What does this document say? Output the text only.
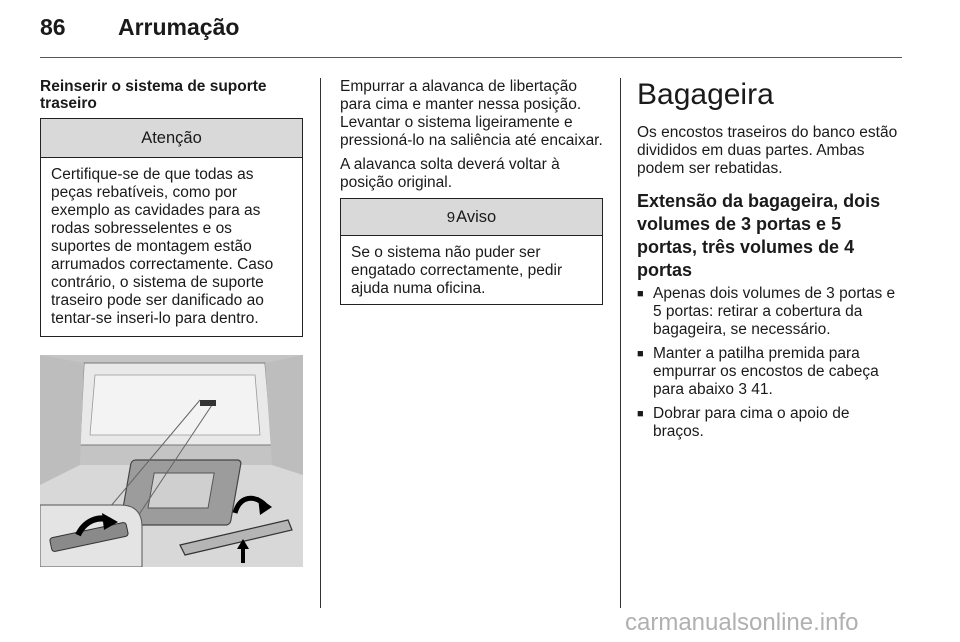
86 Arrumação
Reinserir o sistema de suporte traseiro
Atenção
Certifique-se de que todas as peças rebatíveis, como por exemplo as cavidades para as rodas sobresselentes e os suportes de montagem estão arrumados correctamente. Caso contrário, o sistema de suporte traseiro pode ser danificado ao tentar-se inseri-lo para dentro.

Empurrar a alavanca de libertação para cima e manter nessa posição. Levantar o sistema ligeiramente e pressioná-lo na saliência até encaixar.

A alavanca solta deverá voltar à posição original.

9Aviso
Se o sistema não puder ser engatado correctamente, pedir ajuda numa oficina.
Bagageira

Os encostos traseiros do banco estão divididos em duas partes. Ambas podem ser rebatidas.

Extensão da bagageira, dois volumes de 3 portas e 5 portas, três volumes de 4 portas
■ Apenas dois volumes de 3 portas e 5 portas: retirar a cobertura da bagageira, se necessário.
■ Manter a patilha premida para empurrar os encostos de cabeça para abaixo 3 41.
■ Dobrar para cima o apoio de braços.
carmanualsonline.info
